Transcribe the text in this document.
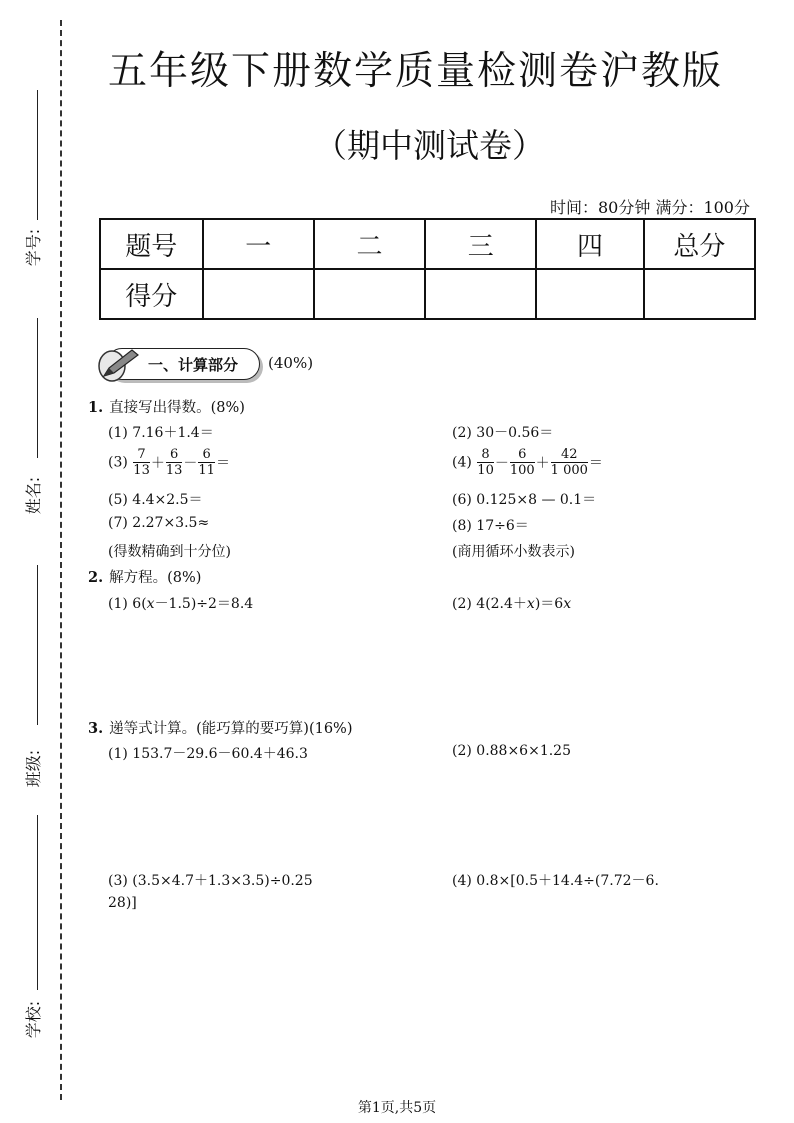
学号:
姓名:
班级:
学校:
五年级下册数学质量检测卷沪教版
（期中测试卷）
时间：80分钟 满分：100分
题号	一	二	三	四	总分
得分					
一、计算部分 (40%)
1. 直接写出得数。(8%)
(1) 7.16＋1.4＝	(2) 30－0.56＝
$(3) \frac{7}{13} + \frac{6}{13} - \frac{6}{11}$ ＝	$(4) \frac{8}{10} - \frac{6}{100} + \frac{42}{1 000}$ ＝
(5) 4.4×2.5＝	(6) 0.125×8 — 0.1＝
(7) 2.27×3.5≈	(8) 17÷6＝
(得数精确到十分位)	(商用循环小数表示)
2. 解方程。(8%)
(1) 6(x－1.5)÷2＝8.4	(2) 4(2.4＋x)＝6x
3. 递等式计算。(能巧算的要巧算)(16%)
(1) 153.7－29.6－60.4＋46.3	(2) 0.88×6×1.25
(3) (3.5×4.7＋1.3×3.5)÷0.25	(4) 0.8×[0.5＋14.4÷(7.72－6.
28)]
第1页,共5页
